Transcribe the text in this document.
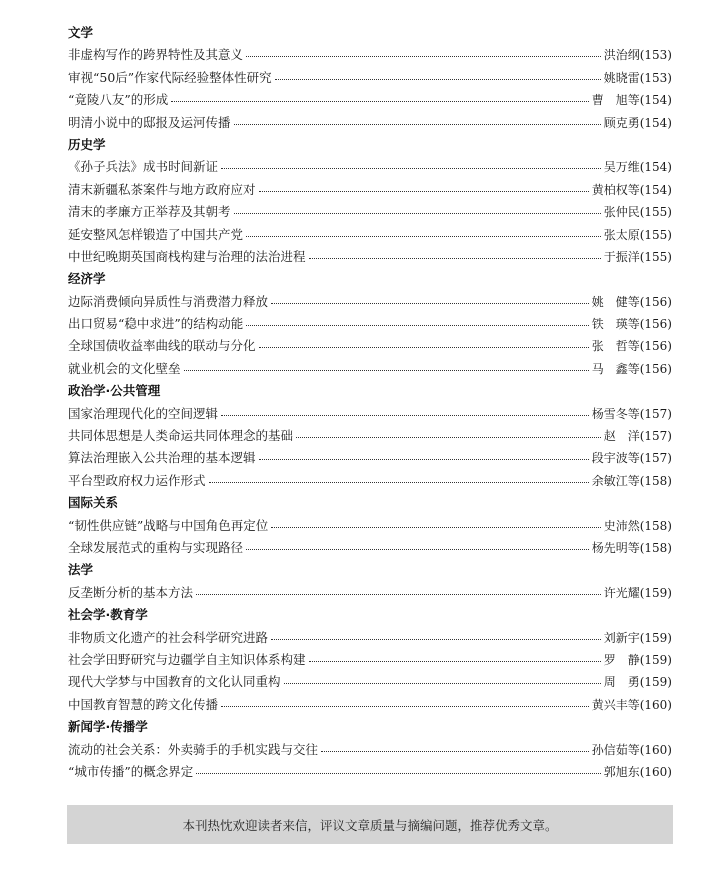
文学
非虚构写作的跨界特性及其意义	洪治纲(153)
审视“50后”作家代际经验整体性研究	姚晓雷(153)
“竟陵八友”的形成	曹　旭等(154)
明清小说中的邸报及运河传播	顾克勇(154)
历史学
《孙子兵法》成书时间新证	吴万维(154)
清末新疆私茶案件与地方政府应对	黄柏权等(154)
清末的孝廉方正举荐及其朝考	张仲民(155)
延安整风怎样锻造了中国共产党	张太原(155)
中世纪晚期英国商栈构建与治理的法治进程	于振洋(155)
经济学
边际消费倾向异质性与消费潜力释放	姚　健等(156)
出口贸易“稳中求进”的结构动能	铁　瑛等(156)
全球国债收益率曲线的联动与分化	张　哲等(156)
就业机会的文化壁垒	马　鑫等(156)
政治学·公共管理
国家治理现代化的空间逻辑	杨雪冬等(157)
共同体思想是人类命运共同体理念的基础	赵　洋(157)
算法治理嵌入公共治理的基本逻辑	段宇波等(157)
平台型政府权力运作形式	余敏江等(158)
国际关系
“韧性供应链”战略与中国角色再定位	史沛然(158)
全球发展范式的重构与实现路径	杨先明等(158)
法学
反垄断分析的基本方法	许光耀(159)
社会学·教育学
非物质文化遗产的社会科学研究进路	刘新宇(159)
社会学田野研究与边疆学自主知识体系构建	罗　静(159)
现代大学梦与中国教育的文化认同重构	周　勇(159)
中国教育智慧的跨文化传播	黄兴丰等(160)
新闻学·传播学
流动的社会关系：外卖骑手的手机实践与交往	孙信茹等(160)
“城市传播”的概念界定	郭旭东(160)
本刊热忱欢迎读者来信，评议文章质量与摘编问题，推荐优秀文章。
